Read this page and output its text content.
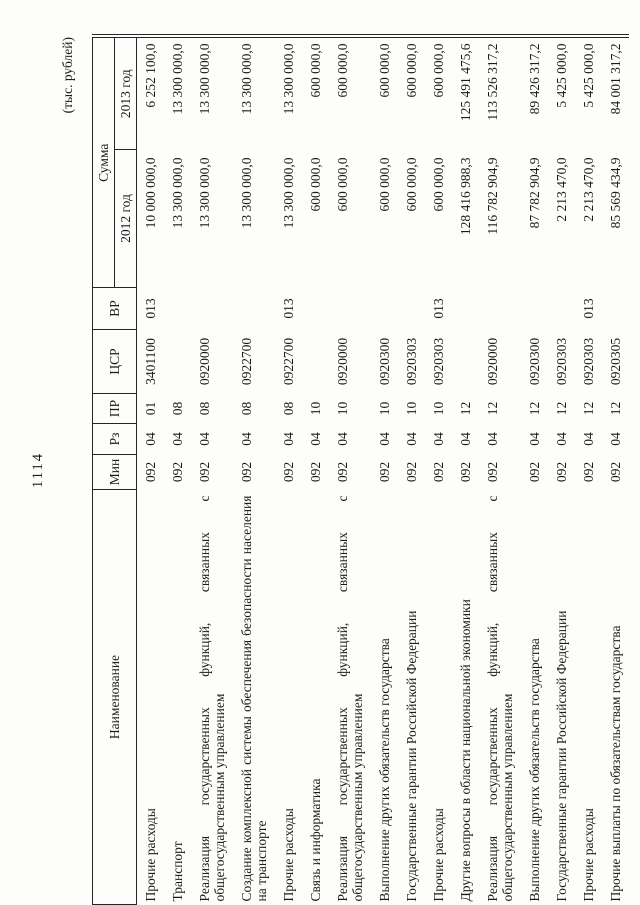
1114
(тыс. рублей)
Наименование	Мин	Рз	ПР	ЦСР	ВР	Сумма	
						2012 год	2013 год
Прочие расходы	092	04	01	3401100	013	10 000 000,0	6 252 100,0
Транспорт	092	04	08			13 300 000,0	13 300 000,0
Реализация государственных функций, связанных с общегосударственным управлением	092	04	08	0920000		13 300 000,0	13 300 000,0
Создание комплексной системы обеспечения безопасности населения на транспорте	092	04	08	0922700		13 300 000,0	13 300 000,0
Прочие расходы	092	04	08	0922700	013	13 300 000,0	13 300 000,0
Связь и информатика	092	04	10			600 000,0	600 000,0
Реализация государственных функций, связанных с общегосударственным управлением	092	04	10	0920000		600 000,0	600 000,0
Выполнение других обязательств государства	092	04	10	0920300		600 000,0	600 000,0
Государственные гарантии Российской Федерации	092	04	10	0920303		600 000,0	600 000,0
Прочие расходы	092	04	10	0920303	013	600 000,0	600 000,0
Другие вопросы в области национальной экономики	092	04	12			128 416 988,3	125 491 475,6
Реализация государственных функций, связанных с общегосударственным управлением	092	04	12	0920000		116 782 904,9	113 526 317,2
Выполнение других обязательств государства	092	04	12	0920300		87 782 904,9	89 426 317,2
Государственные гарантии Российской Федерации	092	04	12	0920303		2 213 470,0	5 425 000,0
Прочие расходы	092	04	12	0920303	013	2 213 470,0	5 425 000,0
Прочие выплаты по обязательствам государства	092	04	12	0920305		85 569 434,9	84 001 317,2
